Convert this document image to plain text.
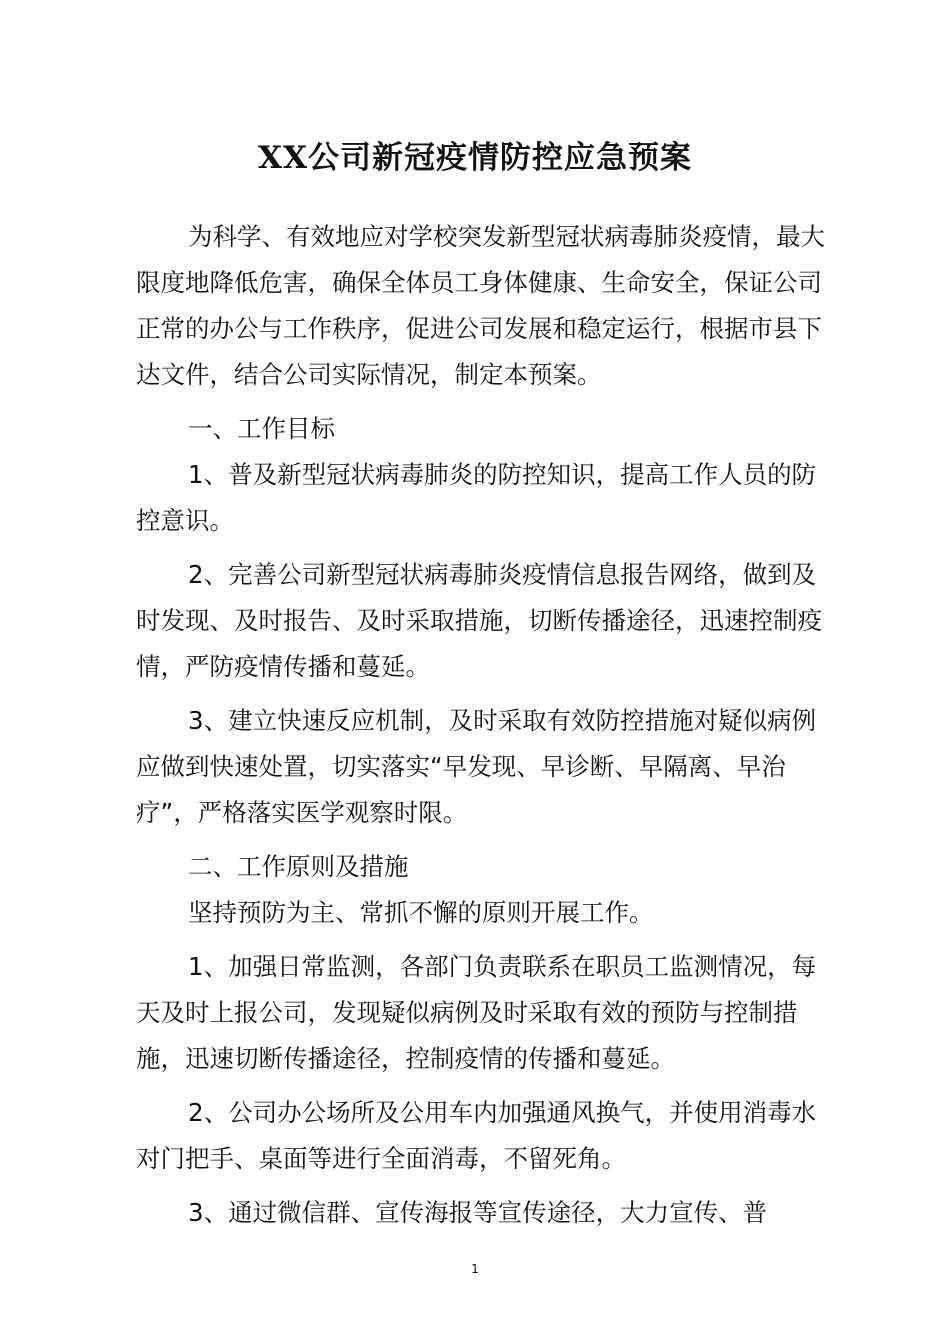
XX公司新冠疫情防控应急预案

为科学、有效地应对学校突发新型冠状病毒肺炎疫情，最大限度地降低危害，确保全体员工身体健康、生命安全，保证公司正常的办公与工作秩序，促进公司发展和稳定运行，根据市县下达文件，结合公司实际情况，制定本预案。

一、工作目标

1、普及新型冠状病毒肺炎的防控知识，提高工作人员的防控意识。

2、完善公司新型冠状病毒肺炎疫情信息报告网络，做到及时发现、及时报告、及时采取措施，切断传播途径，迅速控制疫情，严防疫情传播和蔓延。

3、建立快速反应机制，及时采取有效防控措施对疑似病例应做到快速处置，切实落实“早发现、早诊断、早隔离、早治疗”，严格落实医学观察时限。

二、工作原则及措施

坚持预防为主、常抓不懈的原则开展工作。

1、加强日常监测，各部门负责联系在职员工监测情况，每天及时上报公司，发现疑似病例及时采取有效的预防与控制措施，迅速切断传播途径，控制疫情的传播和蔓延。

2、公司办公场所及公用车内加强通风换气，并使用消毒水对门把手、桌面等进行全面消毒，不留死角。

3、通过微信群、宣传海报等宣传途径，大力宣传、普

1
